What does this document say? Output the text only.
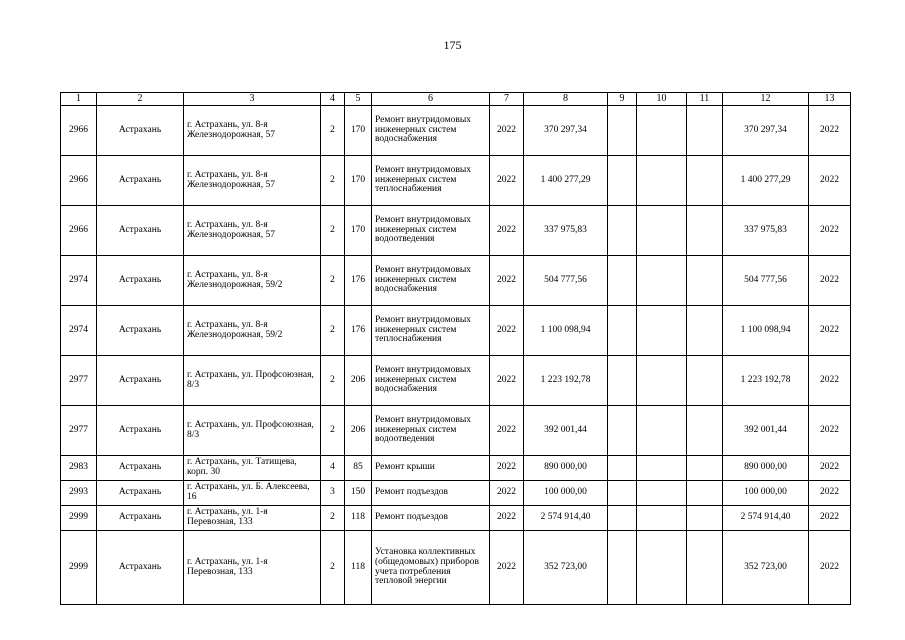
175
1	2	3	4	5	6	7	8	9	10	11	12	13
2966	Астрахань	г. Астрахань, ул. 8-я Железнодорожная, 57	2	170	Ремонт внутридомовых инженерных систем водоснабжения	2022	370 297,34				370 297,34	2022
2966	Астрахань	г. Астрахань, ул. 8-я Железнодорожная, 57	2	170	Ремонт внутридомовых инженерных систем теплоснабжения	2022	1 400 277,29				1 400 277,29	2022
2966	Астрахань	г. Астрахань, ул. 8-я Железнодорожная, 57	2	170	Ремонт внутридомовых инженерных систем водоотведения	2022	337 975,83				337 975,83	2022
2974	Астрахань	г. Астрахань, ул. 8-я Железнодорожная, 59/2	2	176	Ремонт внутридомовых инженерных систем водоснабжения	2022	504 777,56				504 777,56	2022
2974	Астрахань	г. Астрахань, ул. 8-я Железнодорожная, 59/2	2	176	Ремонт внутридомовых инженерных систем теплоснабжения	2022	1 100 098,94				1 100 098,94	2022
2977	Астрахань	г. Астрахань, ул. Профсоюзная, 8/3	2	206	Ремонт внутридомовых инженерных систем водоснабжения	2022	1 223 192,78				1 223 192,78	2022
2977	Астрахань	г. Астрахань, ул. Профсоюзная, 8/3	2	206	Ремонт внутридомовых инженерных систем водоотведения	2022	392 001,44				392 001,44	2022
2983	Астрахань	г. Астрахань, ул. Татищева, корп. 30	4	85	Ремонт крыши	2022	890 000,00				890 000,00	2022
2993	Астрахань	г. Астрахань, ул. Б. Алексеева, 16	3	150	Ремонт подъездов	2022	100 000,00				100 000,00	2022
2999	Астрахань	г. Астрахань, ул. 1-я Перевозная, 133	2	118	Ремонт подъездов	2022	2 574 914,40				2 574 914,40	2022
2999	Астрахань	г. Астрахань, ул. 1-я Перевозная, 133	2	118	Установка коллективных (общедомовых) приборов учета потребления тепловой энергии	2022	352 723,00				352 723,00	2022
